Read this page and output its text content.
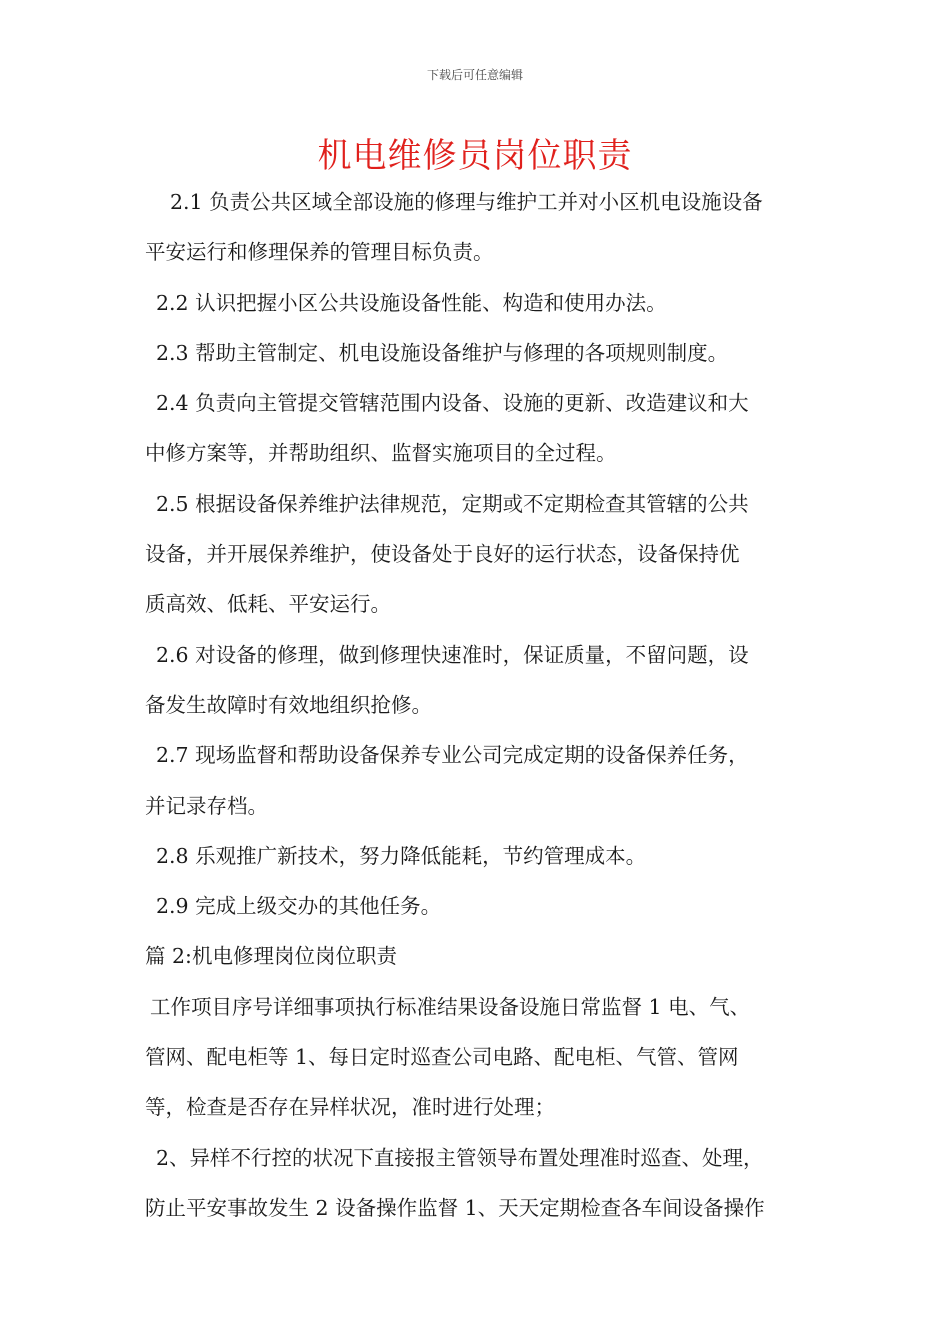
下载后可任意编辑
机电维修员岗位职责
2.1 负责公共区域全部设施的修理与维护工并对小区机电设施设备
平安运行和修理保养的管理目标负责。
2.2 认识把握小区公共设施设备性能、构造和使用办法。
2.3 帮助主管制定、机电设施设备维护与修理的各项规则制度。
2.4 负责向主管提交管辖范围内设备、设施的更新、改造建议和大
中修方案等，并帮助组织、监督实施项目的全过程。
2.5 根据设备保养维护法律规范，定期或不定期检查其管辖的公共
设备，并开展保养维护，使设备处于良好的运行状态，设备保持优
质高效、低耗、平安运行。
2.6 对设备的修理，做到修理快速准时，保证质量，不留问题，设
备发生故障时有效地组织抢修。
2.7 现场监督和帮助设备保养专业公司完成定期的设备保养任务，
并记录存档。
2.8 乐观推广新技术，努力降低能耗，节约管理成本。
2.9 完成上级交办的其他任务。
篇 2:机电修理岗位岗位职责
工作项目序号详细事项执行标准结果设备设施日常监督 1 电、气、
管网、配电柜等 1、每日定时巡查公司电路、配电柜、气管、管网
等，检查是否存在异样状况，准时进行处理；
2、异样不行控的状况下直接报主管领导布置处理准时巡查、处理，
防止平安事故发生 2 设备操作监督 1、天天定期检查各车间设备操作
